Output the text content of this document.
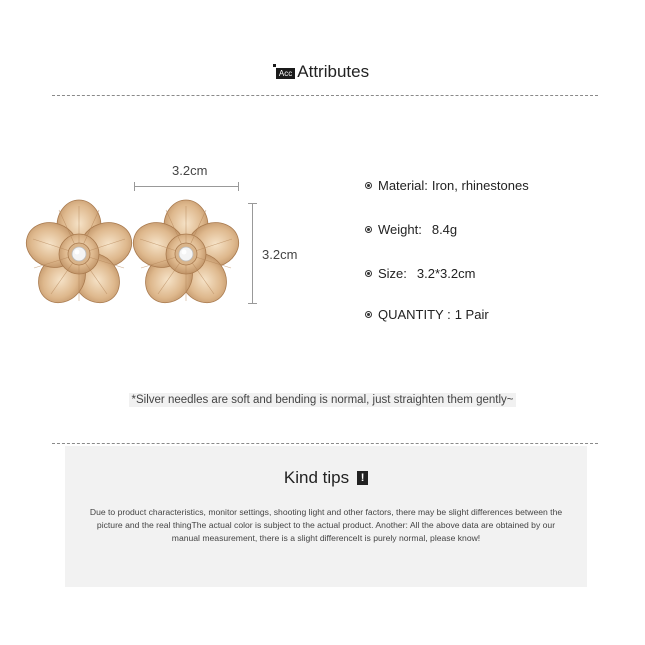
Acc Attributes
3.2cm
3.2cm
Material: Iron, rhinestones
Weight: 8.4g
Size: 3.2*3.2cm
QUANTITY : 1 Pair
*Silver needles are soft and bending is normal, just straighten them gently~
Kind tips !
Due to product characteristics, monitor settings, shooting light and other factors, there may be slight differences between the picture and the real thingThe actual color is subject to the actual product. Another: All the above data are obtained by our manual measurement, there is a slight differenceIt is purely normal, please know!
